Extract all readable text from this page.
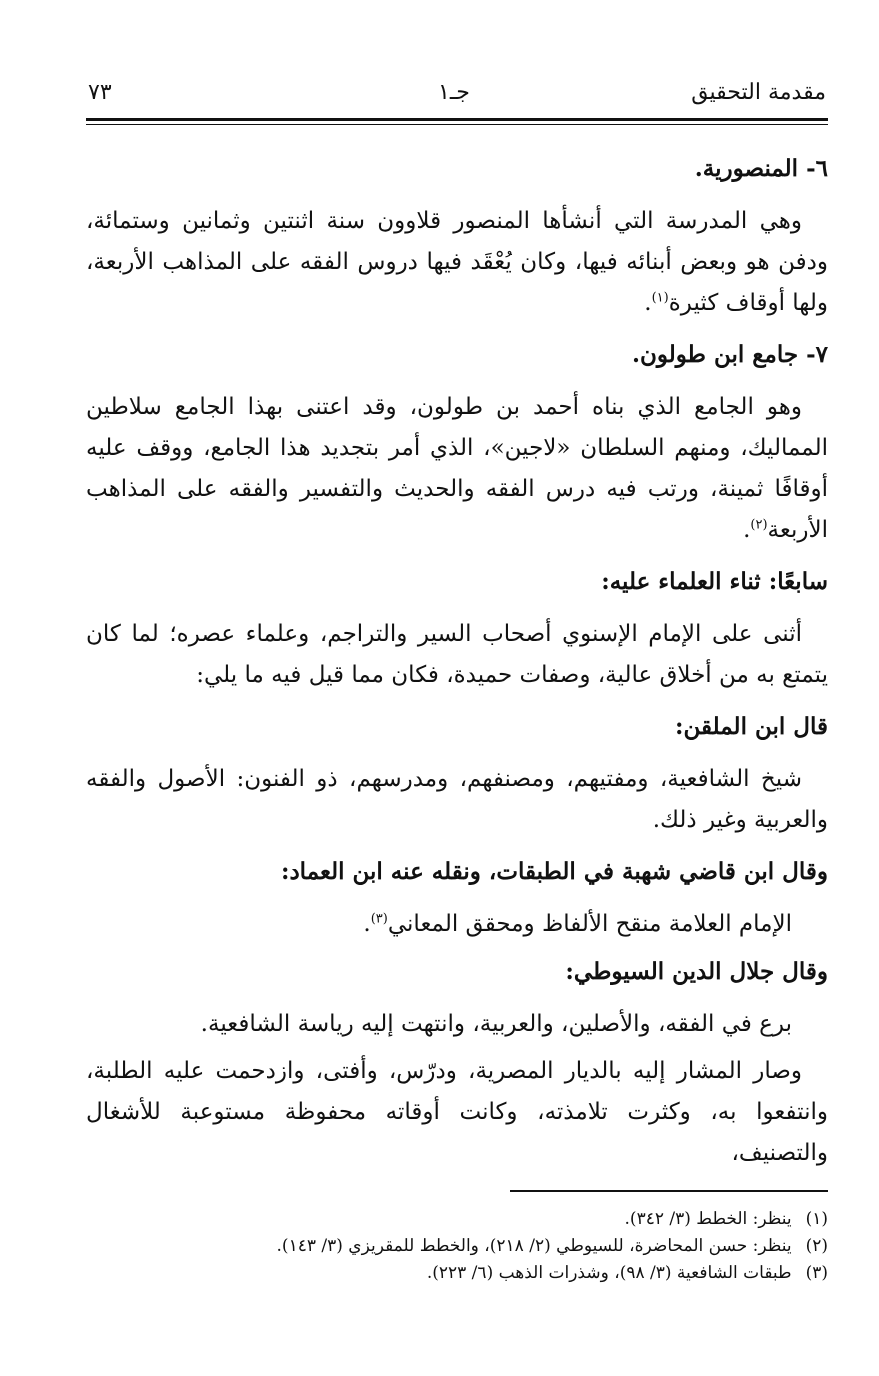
مقدمة التحقيق
جـ١
٧٣

٦- المنصورية.

وهي المدرسة التي أنشأها المنصور قلاوون سنة اثنتين وثمانين وستمائة، ودفن هو وبعض أبنائه فيها، وكان يُعْقَد فيها دروس الفقه على المذاهب الأربعة، ولها أوقاف كثيرة$^{(١)}$.

٧- جامع ابن طولون.

وهو الجامع الذي بناه أحمد بن طولون، وقد اعتنى بهذا الجامع سلاطين المماليك، ومنهم السلطان «لاجين»، الذي أمر بتجديد هذا الجامع، ووقف عليه أوقافًا ثمينة، ورتب فيه درس الفقه والحديث والتفسير والفقه على المذاهب الأربعة$^{(٢)}$.

سابعًا: ثناء العلماء عليه:

أثنى على الإمام الإسنوي أصحاب السير والتراجم، وعلماء عصره؛ لما كان يتمتع به من أخلاق عالية، وصفات حميدة، فكان مما قيل فيه ما يلي:

قال ابن الملقن:

شيخ الشافعية، ومفتيهم، ومصنفهم، ومدرسهم، ذو الفنون: الأصول والفقه والعربية وغير ذلك.

وقال ابن قاضي شهبة في الطبقات، ونقله عنه ابن العماد:

الإمام العلامة منقح الألفاظ ومحقق المعاني$^{(٣)}$.

وقال جلال الدين السيوطي:

برع في الفقه، والأصلين، والعربية، وانتهت إليه رياسة الشافعية.

وصار المشار إليه بالديار المصرية، ودرّس، وأفتى، وازدحمت عليه الطلبة، وانتفعوا به، وكثرت تلامذته، وكانت أوقاته محفوظة مستوعبة للأشغال والتصنيف،

(١)ينظر: الخطط (٣/ ٣٤٢).

(٢)ينظر: حسن المحاضرة، للسيوطي (٢/ ٢١٨)، والخطط للمقريزي (٣/ ١٤٣).

(٣)طبقات الشافعية (٣/ ٩٨)، وشذرات الذهب (٦/ ٢٢٣).
